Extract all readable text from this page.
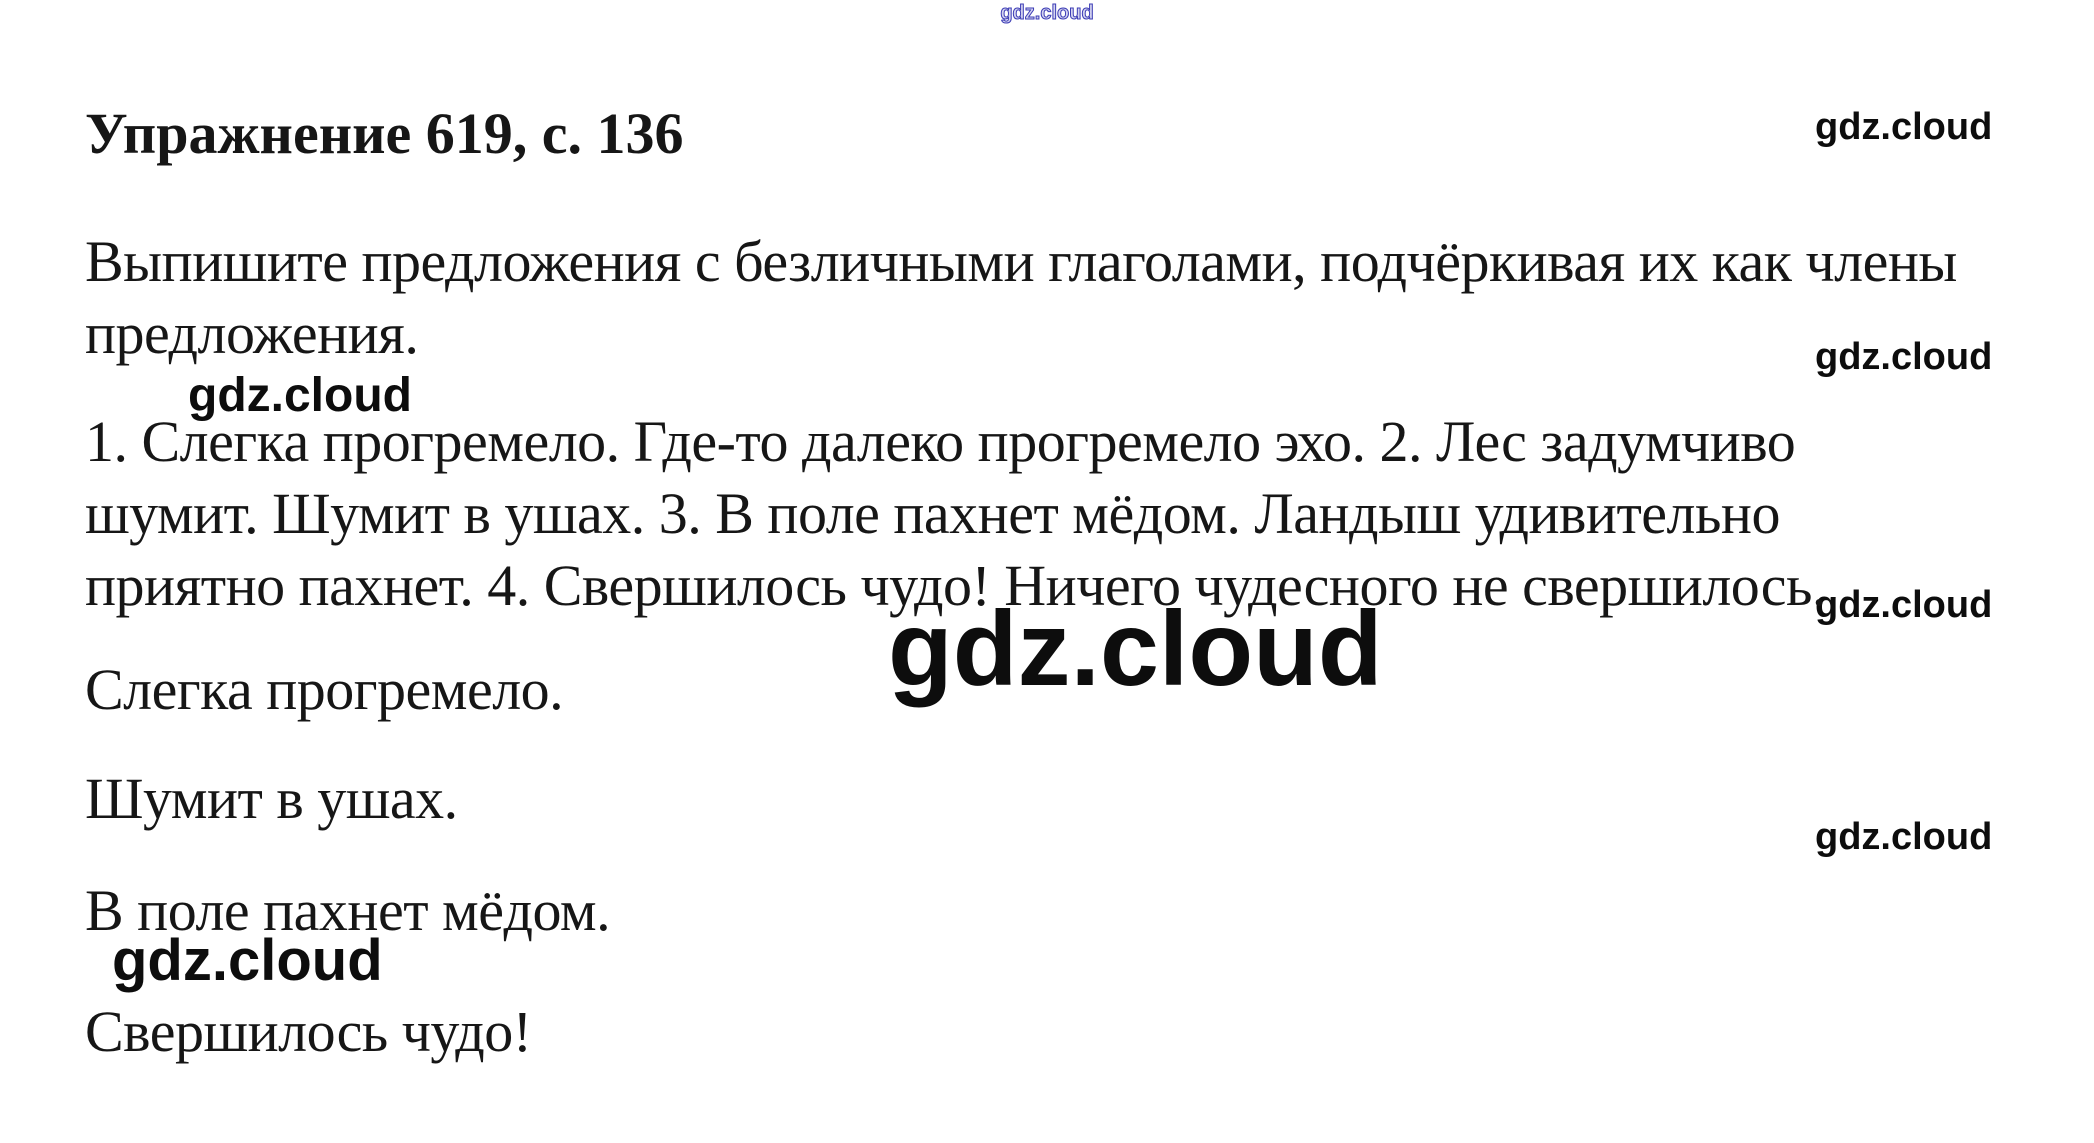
gdz.cloud
gdz.cloud
gdz.cloud
gdz.cloud
gdz.cloud
gdz.cloud
gdz.cloud
gdz.cloud
Упражнение 619, с. 136
Выпишите предложения с безличными глаголами, подчёркивая их как члены
предложения.
1. Слегка прогремело. Где-то далеко прогремело эхо. 2. Лес задумчиво
шумит. Шумит в ушах. 3. В поле пахнет мёдом. Ландыш удивительно
приятно пахнет. 4. Свершилось чудо! Ничего чудесного не свершилось.
Слегка прогремело.
Шумит в ушах.
В поле пахнет мёдом.
Свершилось чудо!
